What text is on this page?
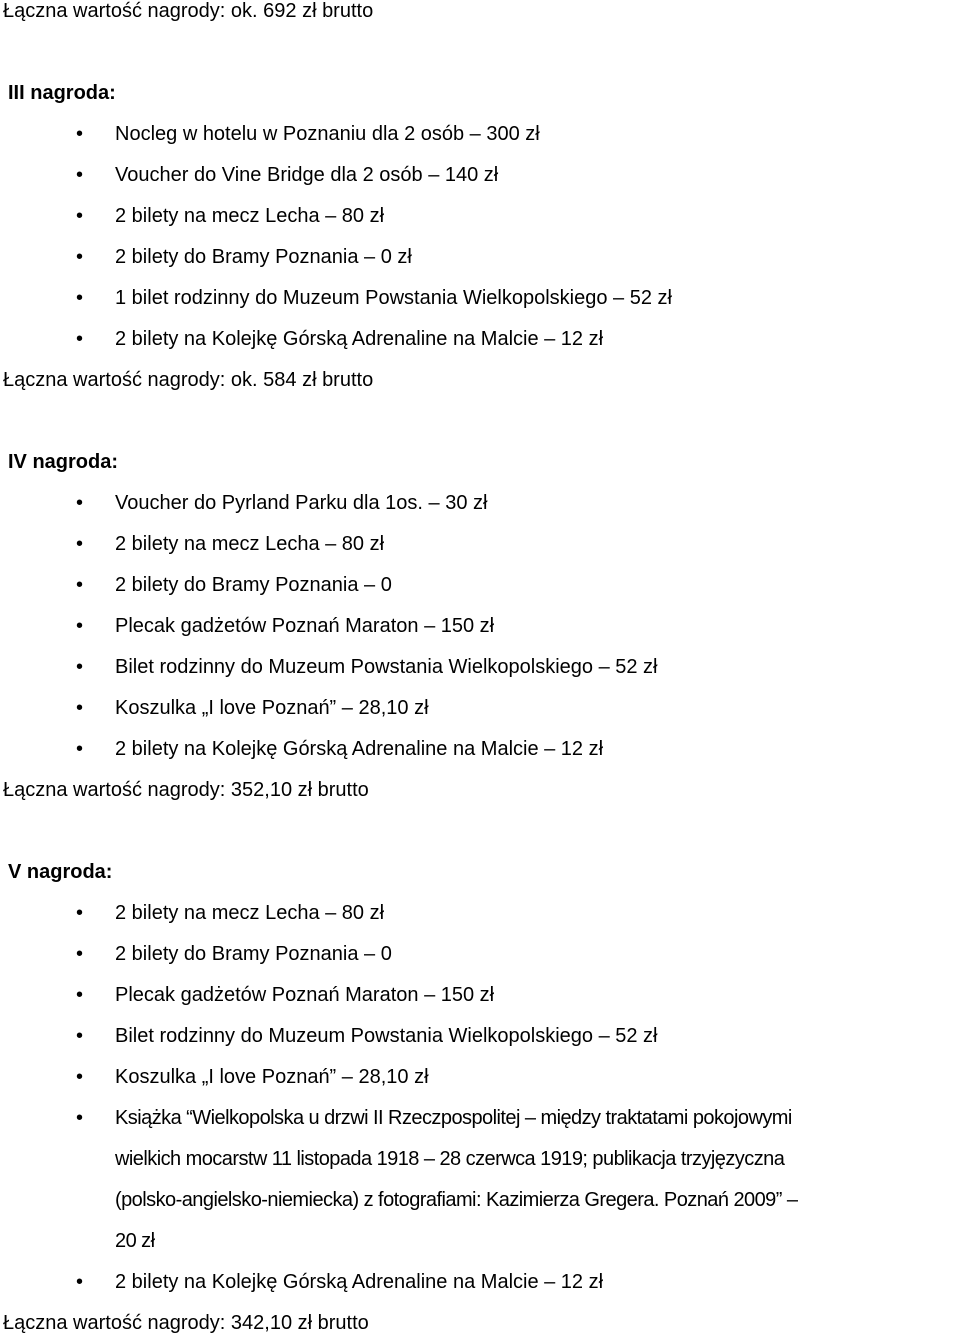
Łączna wartość nagrody: ok. 692 zł brutto
III nagroda:
• Nocleg w hotelu w Poznaniu dla 2 osób – 300 zł
• Voucher do Vine Bridge dla 2 osób – 140 zł
• 2 bilety na mecz Lecha – 80 zł
• 2 bilety do Bramy Poznania – 0 zł
• 1 bilet rodzinny do Muzeum Powstania Wielkopolskiego – 52 zł
• 2 bilety na Kolejkę Górską Adrenaline na Malcie – 12 zł
Łączna wartość nagrody: ok. 584 zł brutto
IV nagroda:
• Voucher do Pyrland Parku dla 1os. – 30 zł
• 2 bilety na mecz Lecha – 80 zł
• 2 bilety do Bramy Poznania – 0
• Plecak gadżetów Poznań Maraton – 150 zł
• Bilet rodzinny do Muzeum Powstania Wielkopolskiego – 52 zł
• Koszulka „I love Poznań” – 28,10 zł
• 2 bilety na Kolejkę Górską Adrenaline na Malcie – 12 zł
Łączna wartość nagrody: 352,10 zł brutto
V nagroda:
• 2 bilety na mecz Lecha – 80 zł
• 2 bilety do Bramy Poznania – 0
• Plecak gadżetów Poznań Maraton – 150 zł
• Bilet rodzinny do Muzeum Powstania Wielkopolskiego – 52 zł
• Koszulka „I love Poznań” – 28,10 zł
• Książka “Wielkopolska u drzwi II Rzeczpospolitej – między traktatami pokojowymi
wielkich mocarstw 11 listopada 1918 – 28 czerwca 1919; publikacja trzyjęzyczna
(polsko-angielsko-niemiecka) z fotografiami: Kazimierza Gregera. Poznań 2009” –
20 zł
• 2 bilety na Kolejkę Górską Adrenaline na Malcie – 12 zł
Łączna wartość nagrody: 342,10 zł brutto
